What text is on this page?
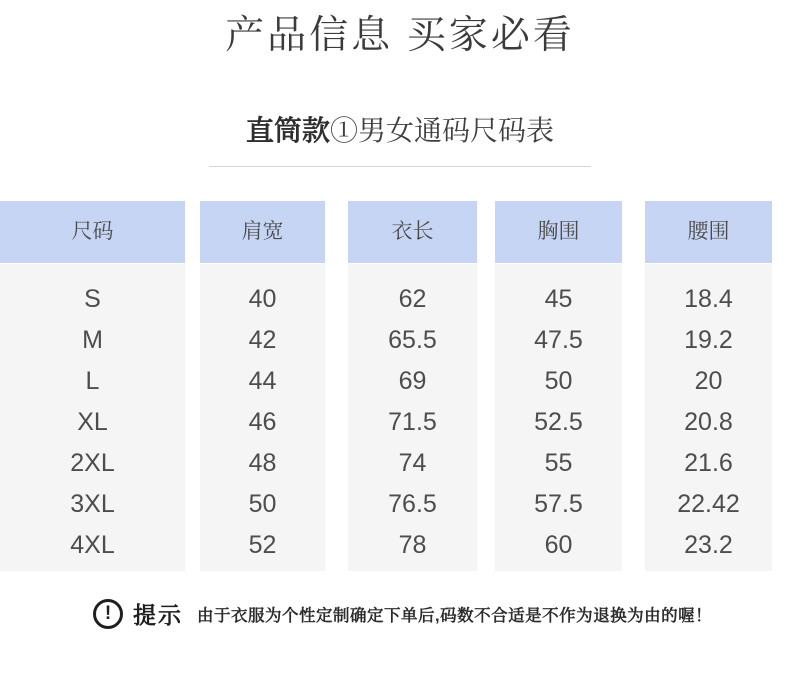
产品信息 买家必看
直筒款①男女通码尺码表
尺码
S
M
L
XL
2XL
3XL
4XL
肩宽
40
42
44
46
48
50
52
衣长
62
65.5
69
71.5
74
76.5
78
胸围
45
47.5
50
52.5
55
57.5
60
腰围
18.4
19.2
20
20.8
21.6
22.42
23.2
! 提示 由于衣服为个性定制确定下单后,码数不合适是不作为退换为由的喔！
